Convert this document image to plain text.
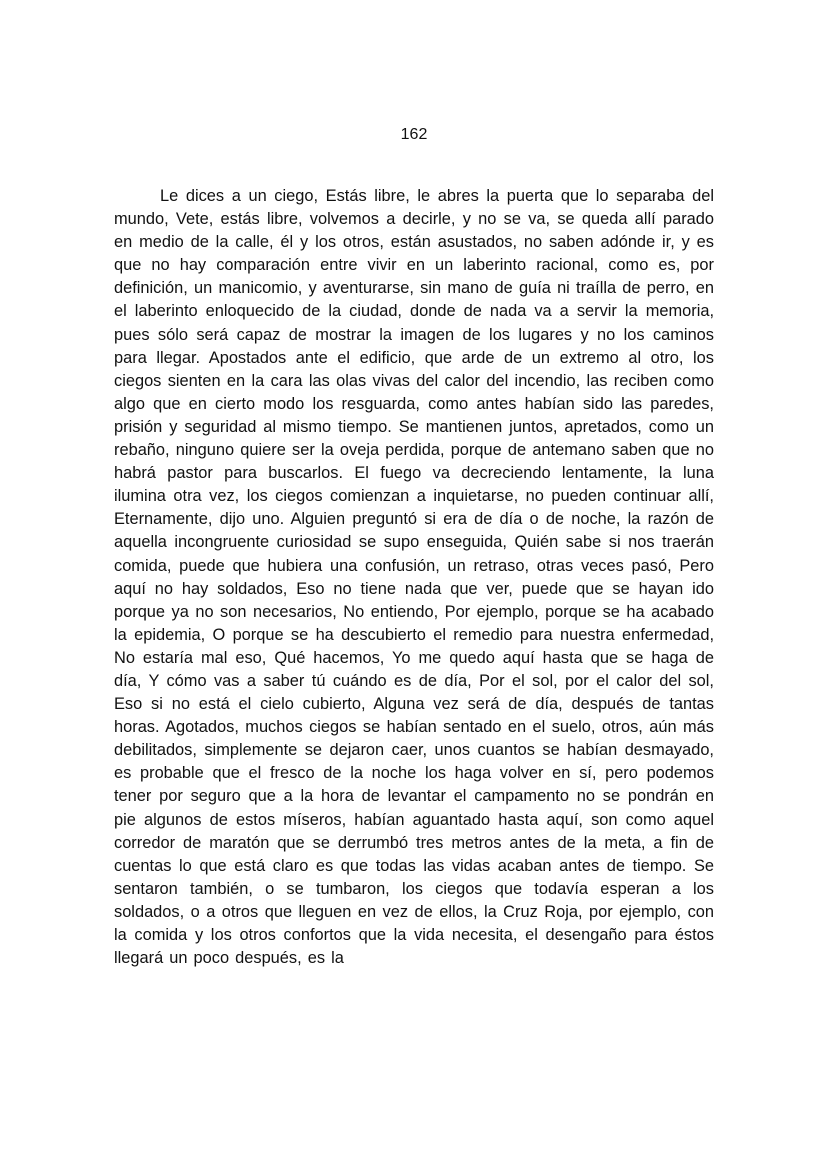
162

Le dices a un ciego, Estás libre, le abres la puerta que lo separaba del mundo, Vete, estás libre, volvemos a decirle, y no se va, se queda allí parado en medio de la calle, él y los otros, están asustados, no saben adónde ir, y es que no hay comparación entre vivir en un laberinto racional, como es, por definición, un manicomio, y aventurarse, sin mano de guía ni traílla de perro, en el laberinto enloquecido de la ciudad, donde de nada va a servir la memoria, pues sólo será capaz de mostrar la imagen de los lugares y no los caminos para llegar. Apostados ante el edificio, que arde de un extremo al otro, los ciegos sienten en la cara las olas vivas del calor del incendio, las reciben como algo que en cierto modo los resguarda, como antes habían sido las paredes, prisión y seguridad al mismo tiempo. Se mantienen juntos, apretados, como un rebaño, ninguno quiere ser la oveja perdida, porque de antemano saben que no habrá pastor para buscarlos. El fuego va decreciendo lentamente, la luna ilumina otra vez, los ciegos comienzan a inquietarse, no pueden continuar allí, Eternamente, dijo uno. Alguien preguntó si era de día o de noche, la razón de aquella incongruente curiosidad se supo enseguida, Quién sabe si nos traerán comida, puede que hubiera una confusión, un retraso, otras veces pasó, Pero aquí no hay soldados, Eso no tiene nada que ver, puede que se hayan ido porque ya no son necesarios, No entiendo, Por ejemplo, porque se ha acabado la epidemia, O porque se ha descubierto el remedio para nuestra enfermedad, No estaría mal eso, Qué hacemos, Yo me quedo aquí hasta que se haga de día, Y cómo vas a saber tú cuándo es de día, Por el sol, por el calor del sol, Eso si no está el cielo cubierto, Alguna vez será de día, después de tantas horas. Agotados, muchos ciegos se habían sentado en el suelo, otros, aún más debilitados, simplemente se dejaron caer, unos cuantos se habían desmayado, es probable que el fresco de la noche los haga volver en sí, pero podemos tener por seguro que a la hora de levantar el campamento no se pondrán en pie algunos de estos míseros, habían aguantado hasta aquí, son como aquel corredor de maratón que se derrumbó tres metros antes de la meta, a fin de cuentas lo que está claro es que todas las vidas acaban antes de tiempo. Se sentaron también, o se tumbaron, los ciegos que todavía esperan a los soldados, o a otros que lleguen en vez de ellos, la Cruz Roja, por ejemplo, con la comida y los otros confortos que la vida necesita, el desengaño para éstos llegará un poco después, es la
